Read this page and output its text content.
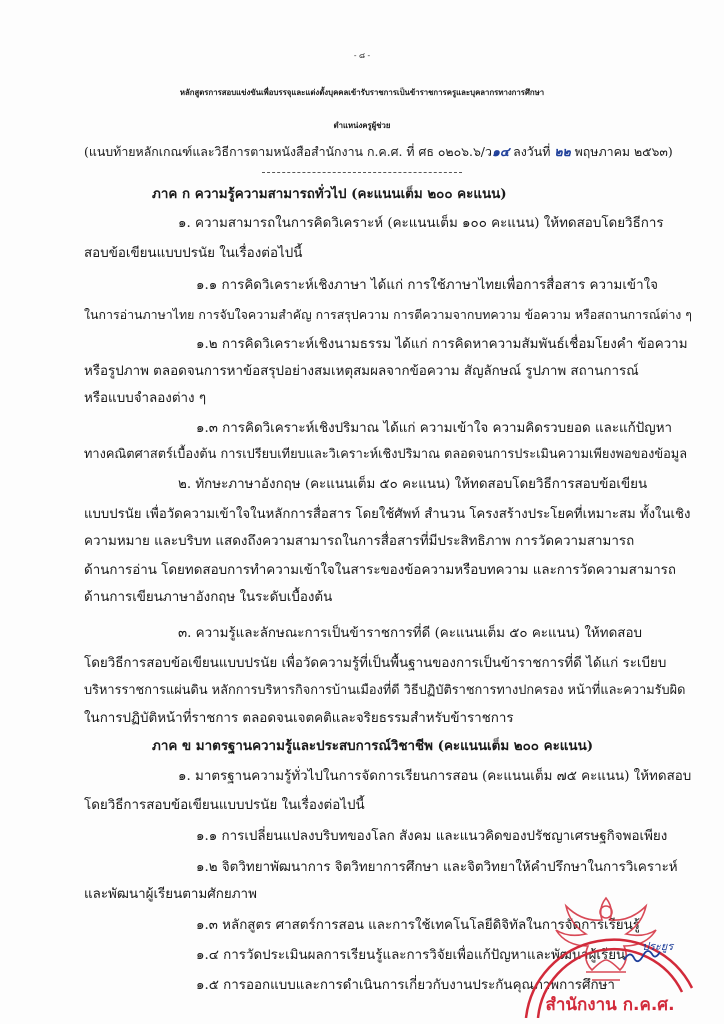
- ๘ -
หลักสูตรการสอบแข่งขันเพื่อบรรจุและแต่งตั้งบุคคลเข้ารับราชการเป็นข้าราชการครูและบุคลากรทางการศึกษา
ตำแหน่งครูผู้ช่วย
(แนบท้ายหลักเกณฑ์และวิธีการตามหนังสือสำนักงาน ก.ค.ศ. ที่ ศธ ๐๒๐๖.๖/ว๑๔ ลงวันที่ ๒๒ พฤษภาคม ๒๕๖๓)
ภาค ก ความรู้ความสามารถทั่วไป (คะแนนเต็ม ๒๐๐ คะแนน)
๑. ความสามารถในการคิดวิเคราะห์ (คะแนนเต็ม ๑๐๐ คะแนน) ให้ทดสอบโดยวิธีการ
สอบข้อเขียนแบบปรนัย ในเรื่องต่อไปนี้
๑.๑ การคิดวิเคราะห์เชิงภาษา ได้แก่ การใช้ภาษาไทยเพื่อการสื่อสาร ความเข้าใจ
ในการอ่านภาษาไทย การจับใจความสำคัญ การสรุปความ การตีความจากบทความ ข้อความ หรือสถานการณ์ต่าง ๆ
๑.๒ การคิดวิเคราะห์เชิงนามธรรม ได้แก่ การคิดหาความสัมพันธ์เชื่อมโยงคำ ข้อความ
หรือรูปภาพ ตลอดจนการหาข้อสรุปอย่างสมเหตุสมผลจากข้อความ สัญลักษณ์ รูปภาพ สถานการณ์
หรือแบบจำลองต่าง ๆ
๑.๓ การคิดวิเคราะห์เชิงปริมาณ ได้แก่ ความเข้าใจ ความคิดรวบยอด และแก้ปัญหา
ทางคณิตศาสตร์เบื้องต้น การเปรียบเทียบและวิเคราะห์เชิงปริมาณ ตลอดจนการประเมินความเพียงพอของข้อมูล
๒. ทักษะภาษาอังกฤษ (คะแนนเต็ม ๕๐ คะแนน) ให้ทดสอบโดยวิธีการสอบข้อเขียน
แบบปรนัย เพื่อวัดความเข้าใจในหลักการสื่อสาร โดยใช้ศัพท์ สำนวน โครงสร้างประโยคที่เหมาะสม ทั้งในเชิง
ความหมาย และบริบท แสดงถึงความสามารถในการสื่อสารที่มีประสิทธิภาพ การวัดความสามารถ
ด้านการอ่าน โดยทดสอบการทำความเข้าใจในสาระของข้อความหรือบทความ และการวัดความสามารถ
ด้านการเขียนภาษาอังกฤษ ในระดับเบื้องต้น
๓. ความรู้และลักษณะการเป็นข้าราชการที่ดี (คะแนนเต็ม ๕๐ คะแนน) ให้ทดสอบ
โดยวิธีการสอบข้อเขียนแบบปรนัย เพื่อวัดความรู้ที่เป็นพื้นฐานของการเป็นข้าราชการที่ดี ได้แก่ ระเบียบ
บริหารราชการแผ่นดิน หลักการบริหารกิจการบ้านเมืองที่ดี วิธีปฏิบัติราชการทางปกครอง หน้าที่และความรับผิด
ในการปฏิบัติหน้าที่ราชการ ตลอดจนเจตคติและจริยธรรมสำหรับข้าราชการ
ภาค ข มาตรฐานความรู้และประสบการณ์วิชาชีพ (คะแนนเต็ม ๒๐๐ คะแนน)
๑. มาตรฐานความรู้ทั่วไปในการจัดการเรียนการสอน (คะแนนเต็ม ๗๕ คะแนน) ให้ทดสอบ
โดยวิธีการสอบข้อเขียนแบบปรนัย ในเรื่องต่อไปนี้
๑.๑ การเปลี่ยนแปลงบริบทของโลก สังคม และแนวคิดของปรัชญาเศรษฐกิจพอเพียง
๑.๒ จิตวิทยาพัฒนาการ จิตวิทยาการศึกษา และจิตวิทยาให้คำปรึกษาในการวิเคราะห์
และพัฒนาผู้เรียนตามศักยภาพ
๑.๓ หลักสูตร ศาสตร์การสอน และการใช้เทคโนโลยีดิจิทัลในการจัดการเรียนรู้
๑.๔ การวัดประเมินผลการเรียนรู้และการวิจัยเพื่อแก้ปัญหาและพัฒนาผู้เรียน
๑.๕ การออกแบบและการดำเนินการเกี่ยวกับงานประกันคุณภาพการศึกษา
สำนักงาน ก.ค.ศ.
ประยูร
